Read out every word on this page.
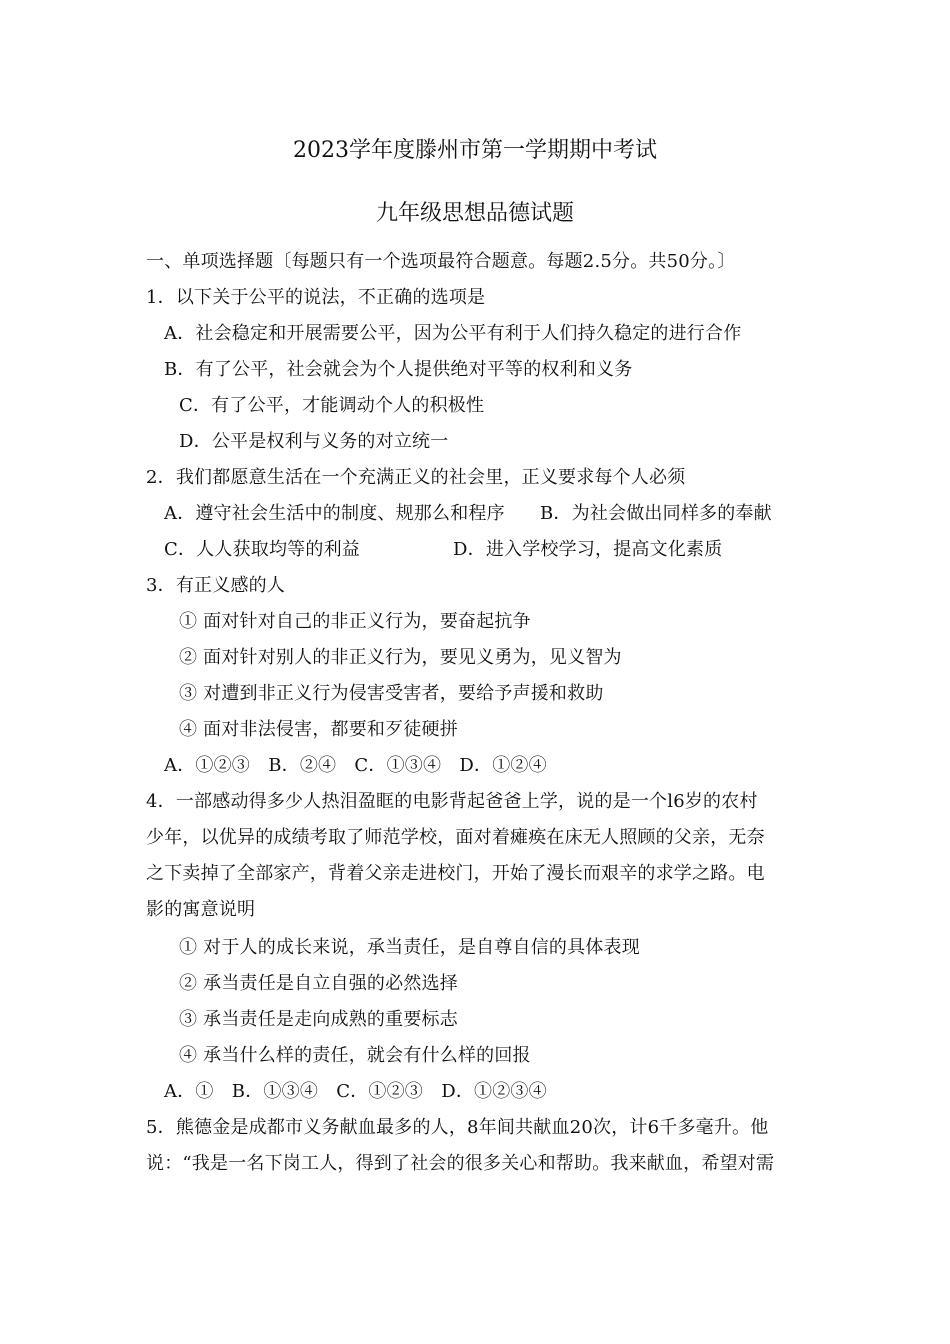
2023学年度滕州市第一学期期中考试
九年级思想品德试题
一、单项选择题〔每题只有一个选项最符合题意。每题2.5分。共50分。〕
1．以下关于公平的说法，不正确的选项是
A．社会稳定和开展需要公平，因为公平有利于人们持久稳定的进行合作
B．有了公平，社会就会为个人提供绝对平等的权利和义务
C．有了公平，才能调动个人的积极性
D．公平是权利与义务的对立统一
2．我们都愿意生活在一个充满正义的社会里，正义要求每个人必须
A．遵守社会生活中的制度、规那么和程序 B．为社会做出同样多的奉献
C．人人获取均等的利益	D．进入学校学习，提高文化素质
3．有正义感的人
① 面对针对自己的非正义行为，要奋起抗争
② 面对针对别人的非正义行为，要见义勇为，见义智为
③ 对遭到非正义行为侵害受害者，要给予声援和救助
④ 面对非法侵害，都要和歹徒硬拼
A．①②③　B．②④　C．①③④　D．①②④
4．一部感动得多少人热泪盈眶的电影背起爸爸上学，说的是一个l6岁的农村
少年，以优异的成绩考取了师范学校，面对着瘫痪在床无人照顾的父亲，无奈
之下卖掉了全部家产，背着父亲走进校门，开始了漫长而艰辛的求学之路。电
影的寓意说明
① 对于人的成长来说，承当责任，是自尊自信的具体表现
② 承当责任是自立自强的必然选择
③ 承当责任是走向成熟的重要标志
④ 承当什么样的责任，就会有什么样的回报
A．①　B．①③④　C．①②③　D．①②③④
5．熊德金是成都市义务献血最多的人，8年间共献血20次，计6千多毫升。他
说：“我是一名下岗工人，得到了社会的很多关心和帮助。我来献血，希望对需
